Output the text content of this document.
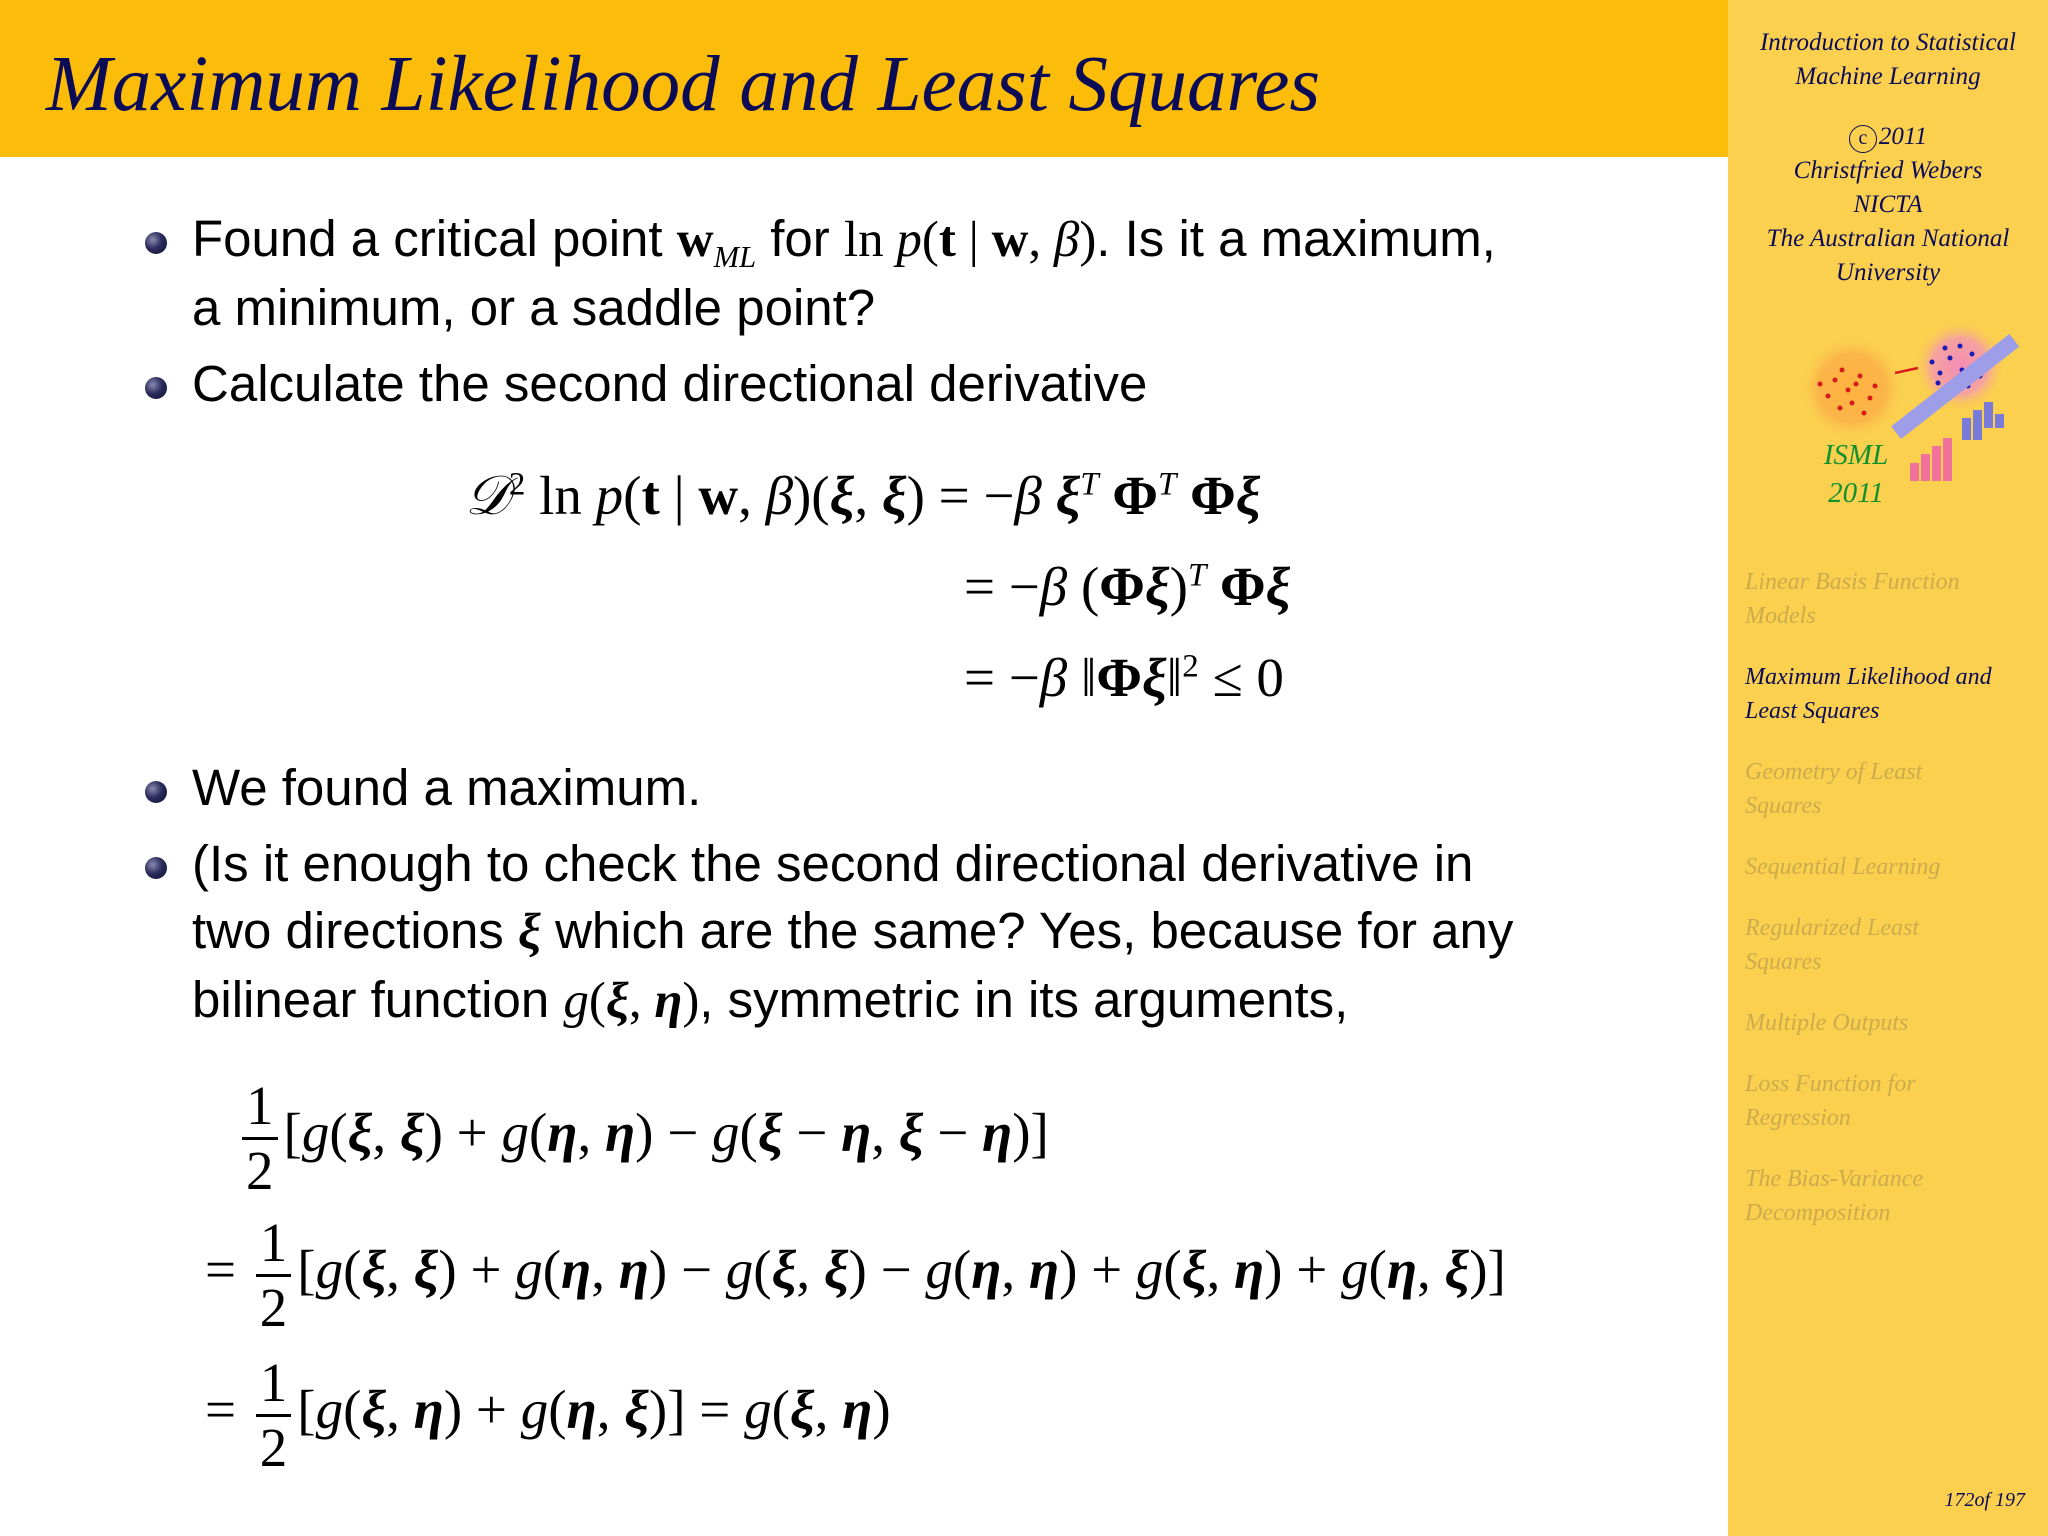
Maximum Likelihood and Least Squares	Introduction to Statistical
Machine Learning
c 2011
Christfried Webers
NICTA
The Australian National
University
ISML
2011
Linear Basis Function
Models
Maximum Likelihood and
Least Squares
Geometry of Least
Squares
Sequential Learning
Regularized Least
Squares
Multiple Outputs
Loss Function for
Regression
The Bias-Variance
Decomposition
172of 197
Found a critical point $w_{ML}$ for ln p(t | w, β). Is it a maximum,
a minimum, or a saddle point?
Calculate the second directional derivative
𝒟$^2$ ln p(t | w, β)(ξ, ξ) = −β $\xi^T$ $\Phi^T$ Φξ
= −β $(\Phi\xi)^T$ Φξ
= −β ‖Φξ‖$^2$ ≤ 0
We found a maximum.
(Is it enough to check the second directional derivative in
two directions ξ which are the same? Yes, because for any
bilinear function g(ξ, η), symmetric in its arguments,
$\frac{1}{2} [g(\xi$, ξ) + g(η, η) − g(ξ − η, ξ − η)]
= $\frac{1}{2} [g(\xi$, ξ) + g(η, η) − g(ξ, ξ) − g(η, η) + g(ξ, η) + g(η, ξ)]
= $\frac{1}{2} [g(\xi$, η) + g(η, ξ)] = g(ξ, η)
